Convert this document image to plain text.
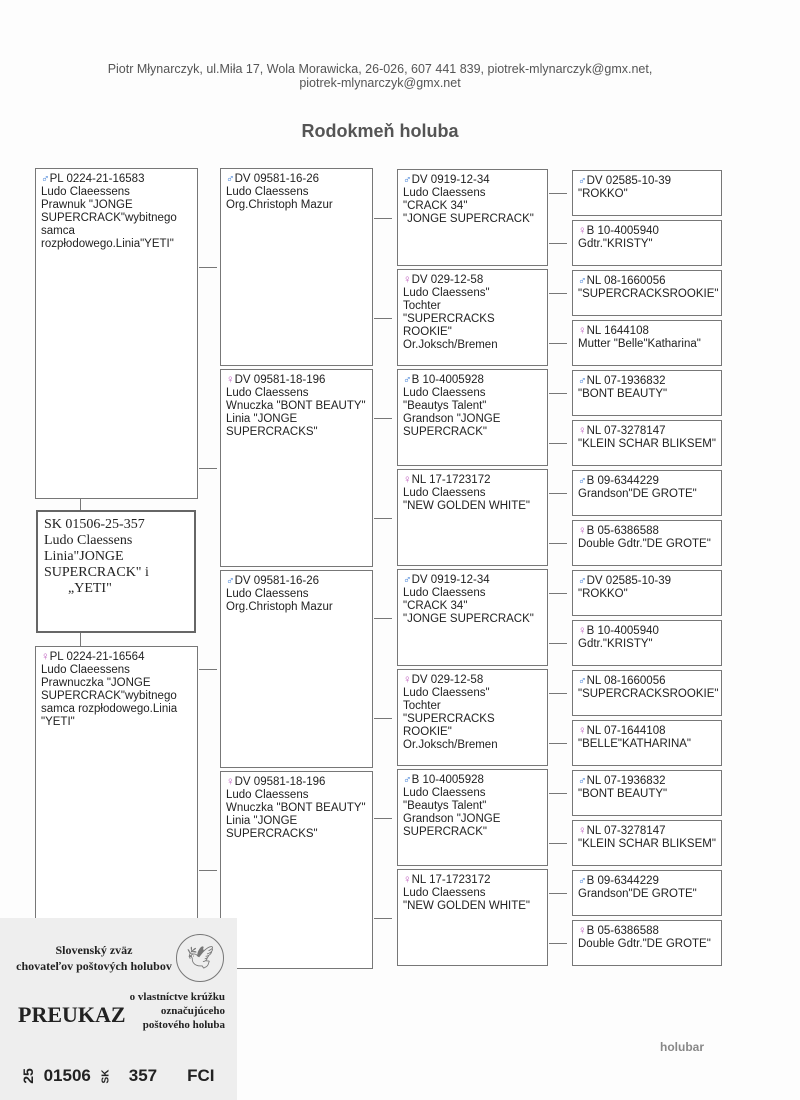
Piotr Młynarczyk, ul.Miła 17, Wola Morawicka, 26-026, 607 441 839, piotrek-mlynarczyk@gmx.net,
piotrek-mlynarczyk@gmx.net
Rodokmeň holuba
♂PL 0224-21-16583
Ludo Claeessens
Prawnuk "JONGE SUPERCRACK"wybitnego samca rozpłodowego.Linia"YETI"
SK 01506-25-357
Ludo Claessens
Linia"JONGE
SUPERCRACK" i
„YETI"
♀PL 0224-21-16564
Ludo Claeessens
Prawnuczka "JONGE SUPERCRACK"wybitnego samca rozpłodowego.Linia "YETI"
♂DV 09581-16-26
Ludo Claessens
Org.Christoph Mazur
♀DV 09581-18-196
Ludo Claessens
Wnuczka "BONT BEAUTY"
Linia "JONGE SUPERCRACKS"
♂DV 09581-16-26
Ludo Claessens
Org.Christoph Mazur
♀DV 09581-18-196
Ludo Claessens
Wnuczka "BONT BEAUTY"
Linia "JONGE SUPERCRACKS"
♂DV 0919-12-34
Ludo Claessens
"CRACK 34"
"JONGE SUPERCRACK"
♀DV 029-12-58
Ludo Claessens"
Tochter
"SUPERCRACKS ROOKIE"
Or.Joksch/Bremen
♂B 10-4005928
Ludo Claessens
"Beautys Talent"
Grandson "JONGE SUPERCRACK"
♀NL 17-1723172
Ludo Claessens
"NEW GOLDEN WHITE"
♂DV 0919-12-34
Ludo Claessens
"CRACK 34"
"JONGE SUPERCRACK"
♀DV 029-12-58
Ludo Claessens"
Tochter
"SUPERCRACKS ROOKIE"
Or.Joksch/Bremen
♂B 10-4005928
Ludo Claessens
"Beautys Talent"
Grandson "JONGE SUPERCRACK"
♀NL 17-1723172
Ludo Claessens
"NEW GOLDEN WHITE"
♂DV 02585-10-39
"ROKKO"
♀B 10-4005940
Gdtr."KRISTY"
♂NL 08-1660056
"SUPERCRACKSROOKIE"
♀NL 1644108
Mutter "Belle"Katharina"
♂NL 07-1936832
"BONT BEAUTY"
♀NL 07-3278147
"KLEIN SCHAR BLIKSEM"
♂B 09-6344229
Grandson"DE GROTE"
♀B 05-6386588
Double Gdtr."DE GROTE"
♂DV 02585-10-39
"ROKKO"
♀B 10-4005940
Gdtr."KRISTY"
♂NL 08-1660056
"SUPERCRACKSROOKIE"
♀NL 07-1644108
"BELLE"KATHARINA"
♂NL 07-1936832
"BONT BEAUTY"
♀NL 07-3278147
"KLEIN SCHAR BLIKSEM"
♂B 09-6344229
Grandson"DE GROTE"
♀B 05-6386588
Double Gdtr."DE GROTE"
Slovenský zväz
chovateľov poštových holubov 🕊
PREUKAZ
o vlastníctve krúžku
označujúceho
poštového holuba
25 01506 SK 357 FCI
holubar
